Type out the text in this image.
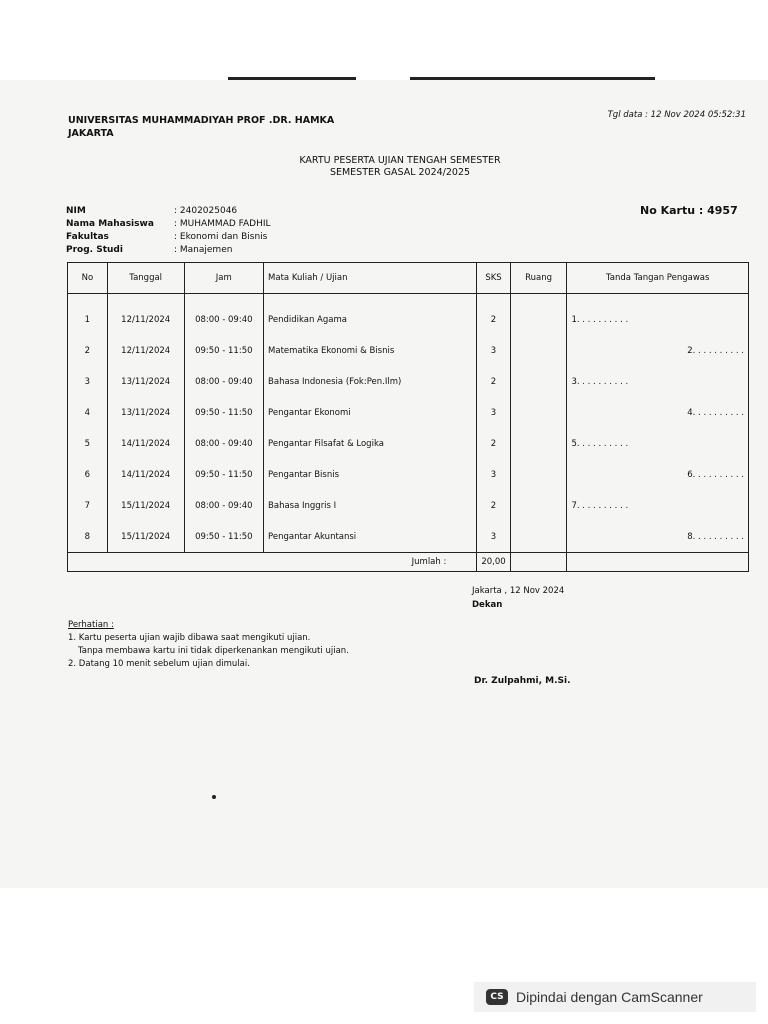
UNIVERSITAS MUHAMMADIYAH PROF .DR. HAMKA
JAKARTA
Tgl data : 12 Nov 2024 05:52:31
KARTU PESERTA UJIAN TENGAH SEMESTER
SEMESTER GASAL 2024/2025
NIM	: 2402025046
Nama Mahasiswa	: MUHAMMAD FADHIL
Fakultas	: Ekonomi dan Bisnis
Prog. Studi	: Manajemen
No Kartu : 4957
No	Tanggal	Jam	Mata Kuliah / Ujian	SKS	Ruang	Tanda Tangan Pengawas
1	12/11/2024	08:00 - 09:40	Pendidikan Agama	2		1. . . . . . . . . .
2	12/11/2024	09:50 - 11:50	Matematika Ekonomi & Bisnis	3		2. . . . . . . . . .
3	13/11/2024	08:00 - 09:40	Bahasa Indonesia (Fok:Pen.Ilm)	2		3. . . . . . . . . .
4	13/11/2024	09:50 - 11:50	Pengantar Ekonomi	3		4. . . . . . . . . .
5	14/11/2024	08:00 - 09:40	Pengantar Filsafat & Logika	2		5. . . . . . . . . .
6	14/11/2024	09:50 - 11:50	Pengantar Bisnis	3		6. . . . . . . . . .
7	15/11/2024	08:00 - 09:40	Bahasa Inggris I	2		7. . . . . . . . . .
8	15/11/2024	09:50 - 11:50	Pengantar Akuntansi	3		8. . . . . . . . . .
Jumlah :				20,00		
Jakarta , 12 Nov 2024
Dekan
Perhatian :
1. Kartu peserta ujian wajib dibawa saat mengikuti ujian.
Tanpa membawa kartu ini tidak diperkenankan mengikuti ujian.
2. Datang 10 menit sebelum ujian dimulai.
Dr. Zulpahmi, M.Si.
CS Dipindai dengan CamScanner
